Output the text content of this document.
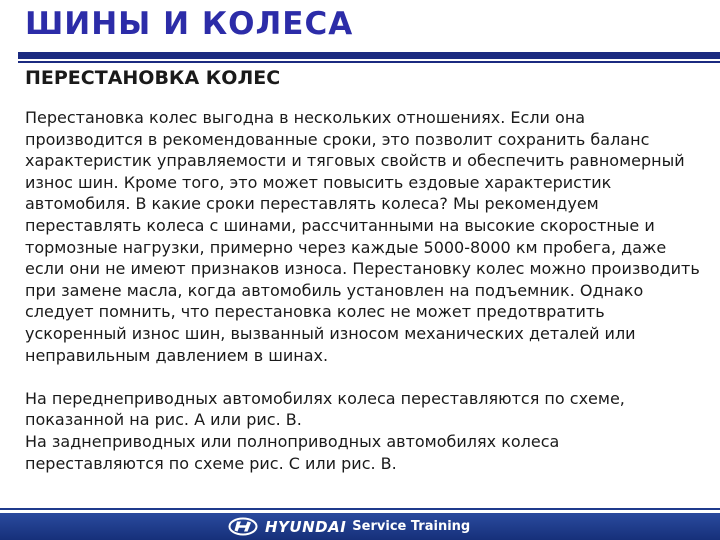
ШИНЫ И КОЛЕСА
ПЕРЕСТАНОВКА КОЛЕС

Перестановка колес выгодна в нескольких отношениях. Если она производится в рекомендованные сроки, это позволит сохранить баланс характеристик управляемости и тяговых свойств и обеспечить равномерный износ шин. Кроме того, это может повысить ездовые характеристик автомобиля. В какие сроки переставлять колеса? Мы рекомендуем переставлять колеса с шинами, рассчитанными на высокие скоростные и тормозные нагрузки, примерно через каждые 5000-8000 км пробега, даже если они не имеют признаков износа. Перестановку колес можно производить при замене масла, когда автомобиль установлен на подъемник. Однако следует помнить, что перестановка колес не может предотвратить ускоренный износ шин, вызванный износом механических деталей или неправильным давлением в шинах.

На переднеприводных автомобилях колеса переставляются по схеме, показанной на рис. А или рис. В.
На заднеприводных или полноприводных автомобилях колеса переставляются по схеме рис. С или рис. В.

HYUNDAI Service Training
